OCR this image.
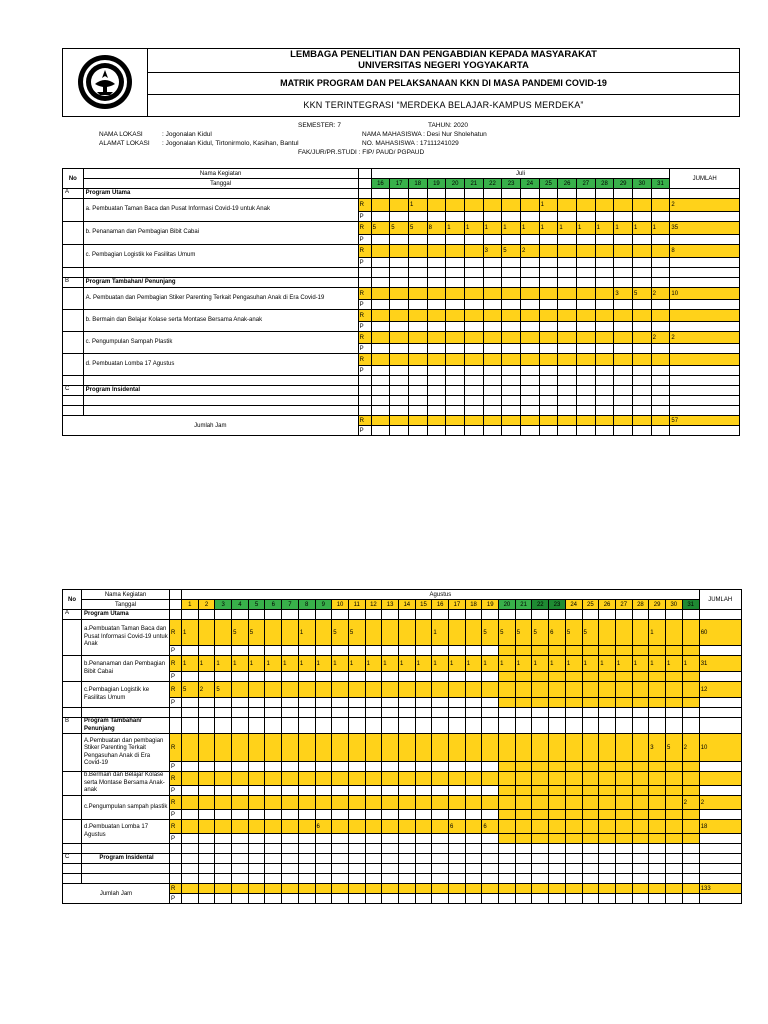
LEMBAGA PENELITIAN DAN PENGABDIAN KEPADA MASYARAKAT
UNIVERSITAS NEGERI YOGYAKARTA

MATRIK PROGRAM DAN PELAKSANAAN KKN DI MASA PANDEMI COVID-19
KKN TERINTEGRASI “MERDEKA BELAJAR-KAMPUS MERDEKA”
SEMESTER: 7	TAHUN: 2020
NAMA LOKASI	: Jogonalan Kidul	NAMA MAHASISWA : Desi Nur Sholehatun
ALAMAT LOKASI : Jogonalan Kidul, Tirtonirmolo, Kasihan, Bantul	NO. MAHASISWA : 17111241029
FAK/JUR/PR.STUDI : FIP/ PAUD/ PGPAUD
No	Nama Kegiatan		Juli																JUMLAH
	Tanggal		16	17	18	19	20	21	22	23	24	25	26	27	28	29	30	31	
A	Program Utama																		
	a. Pembuatan Taman Baca dan Pusat Informasi Covid-19 untuk Anak	R			1							1							2
		P																	
	b. Penanaman dan Pembagian Bibit Cabai	R	5	5	5	8	1	1	1	1	1	1	1	1	1	1	1	1	35
		P																	
	c. Pembagian Logistik ke Fasilitas Umum	R							3	5	2								8
		P																	

B	Program Tambahan/ Penunjang																		
	A. Pembuatan dan Pembagian Stiker Parenting Terkait Pengasuhan Anak di Era Covid-19	R														3	5	2	10
		P																	
	b. Bermain dan Belajar Kolase serta Montase Bersama Anak-anak	R																	
		P																	
	c. Pengumpulan Sampah Plastik	R																2	2
		P																	
	d. Pembuatan Lomba 17 Agustus	R																	
		P																	

C	Program Insidental																		

Jumlah Jam		R																	57
		P																	
No	Nama Kegiatan		Agustus																															JUMLAH
	Tanggal		1	2	3	4	5	6	7	8	9	10	11	12	13	14	15	16	17	18	19	20	21	22	23	24	25	26	27	28	29	30	31	
A	Program Utama																																	
	a.Pembuatan Taman Baca dan Pusat Informasi Covid-19 untuk Anak	R	1			5	5			1		5	5					1			5	5	5	5	6	5	5				1			60
		P																																
	b.Penanaman dan Pembagian Bibit Cabai	R	1	1	1	1	1	1	1	1	1	1	1	1	1	1	1	1	1	1	1	1	1	1	1	1	1	1	1	1	1	1	1	31
		P																																
	c.Pembagian Logistik ke Fasilitas Umum	R	5	2	5																													12
		P																																

B	Program Tambahan/ Penunjang																																	
	A.Pembuatan dan pembagian Stiker Parenting Terkait Pengasuhan Anak di Era Covid-19	R																													3	5	2	10
		P																																
	b.Bermain dan Belajar Kolase serta Montase Bersama Anak-anak	R																																
		P																																
	c.Pengumpulan sampah plastik	R																															2	2
		P																																
	d.Pembuatan Lomba 17 Agustus	R									6								6		6													18
		P																																

C	Program Insidental																																	

Jumlah Jam		R																																133
		P																																
